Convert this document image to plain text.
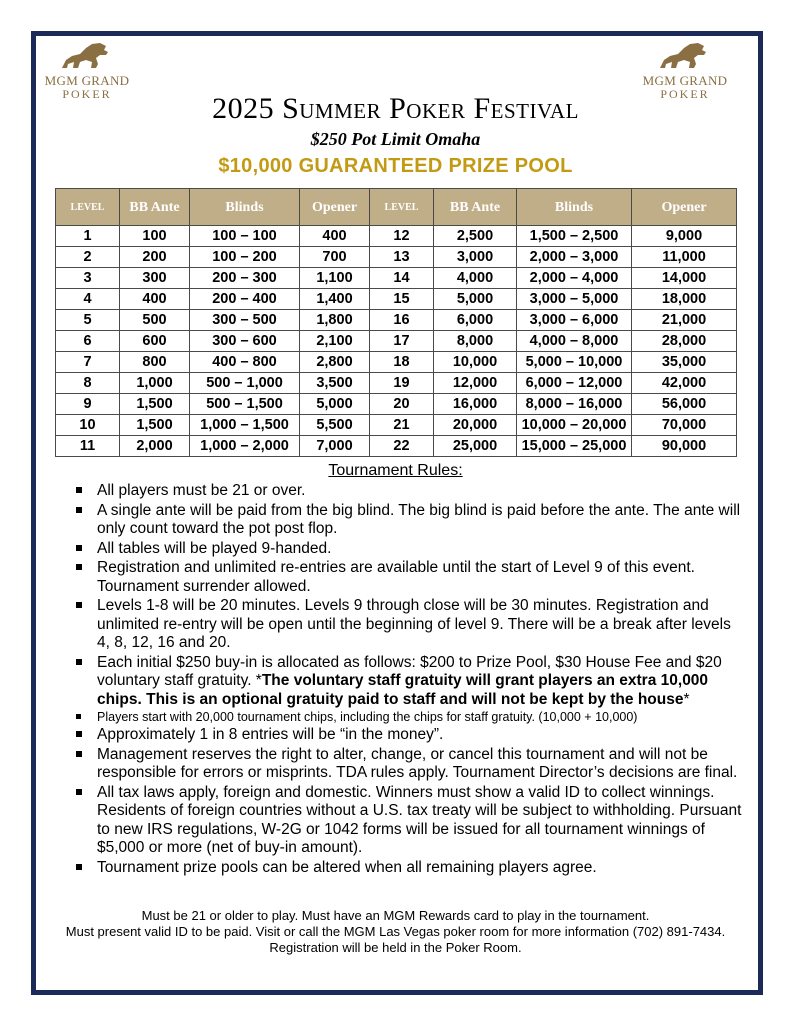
MGM GRAND
POKER
MGM GRAND
POKER
2025 Summer Poker Festival
$250 Pot Limit Omaha
$10,000 GUARANTEED PRIZE POOL
LEVEL	BB Ante	Blinds	Opener	LEVEL	BB Ante	Blinds	Opener
1	100	100 – 100	400	12	2,500	1,500 – 2,500	9,000
2	200	100 – 200	700	13	3,000	2,000 – 3,000	11,000
3	300	200 – 300	1,100	14	4,000	2,000 – 4,000	14,000
4	400	200 – 400	1,400	15	5,000	3,000 – 5,000	18,000
5	500	300 – 500	1,800	16	6,000	3,000 – 6,000	21,000
6	600	300 – 600	2,100	17	8,000	4,000 – 8,000	28,000
7	800	400 – 800	2,800	18	10,000	5,000 – 10,000	35,000
8	1,000	500 – 1,000	3,500	19	12,000	6,000 – 12,000	42,000
9	1,500	500 – 1,500	5,000	20	16,000	8,000 – 16,000	56,000
10	1,500	1,000 – 1,500	5,500	21	20,000	10,000 – 20,000	70,000
11	2,000	1,000 – 2,000	7,000	22	25,000	15,000 – 25,000	90,000
Tournament Rules:
All players must be 21 or over.
A single ante will be paid from the big blind. The big blind is paid before the ante. The ante will only count toward the pot post flop.
All tables will be played 9-handed.
Registration and unlimited re-entries are available until the start of Level 9 of this event. Tournament surrender allowed.
Levels 1-8 will be 20 minutes. Levels 9 through close will be 30 minutes. Registration and unlimited re-entry will be open until the beginning of level 9. There will be a break after levels 4, 8, 12, 16 and 20.
Each initial $250 buy-in is allocated as follows: $200 to Prize Pool, $30 House Fee and $20 voluntary staff gratuity. *The voluntary staff gratuity will grant players an extra 10,000 chips. This is an optional gratuity paid to staff and will not be kept by the house*
Players start with 20,000 tournament chips, including the chips for staff gratuity. (10,000 + 10,000)
Approximately 1 in 8 entries will be “in the money”.
Management reserves the right to alter, change, or cancel this tournament and will not be responsible for errors or misprints. TDA rules apply. Tournament Director’s decisions are final.
All tax laws apply, foreign and domestic. Winners must show a valid ID to collect winnings. Residents of foreign countries without a U.S. tax treaty will be subject to withholding. Pursuant to new IRS regulations, W-2G or 1042 forms will be issued for all tournament winnings of $5,000 or more (net of buy-in amount).
Tournament prize pools can be altered when all remaining players agree.
Must be 21 or older to play. Must have an MGM Rewards card to play in the tournament.
Must present valid ID to be paid. Visit or call the MGM Las Vegas poker room for more information (702) 891-7434. Registration will be held in the Poker Room.
